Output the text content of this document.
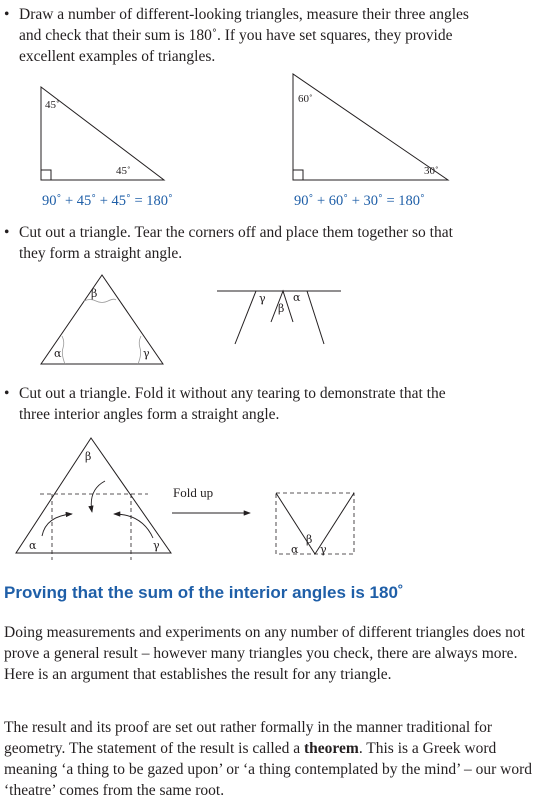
• Draw a number of different-looking triangles, measure their three angles
and check that their sum is 180˚. If you have set squares, they provide
excellent examples of triangles.
45˚
45˚
60˚
30˚
90˚ + 45˚ + 45˚ = 180˚	90˚ + 60˚ + 30˚ = 180˚
• Cut out a triangle. Tear the corners off and place them together so that
they form a straight angle.
β
α	γ
γ
β
α
• Cut out a triangle. Fold it without any tearing to demonstrate that the
three interior angles form a straight angle.
β
α	γ
Fold up
α
β
γ
Proving that the sum of the interior angles is 180˚

Doing measurements and experiments on any number of different triangles does not prove a general result – however many triangles you check, there are always more. Here is an argument that establishes the result for any triangle.

The result and its proof are set out rather formally in the manner traditional for geometry. The statement of the result is called a theorem. This is a Greek word meaning ‘a thing to be gazed upon’ or ‘a thing contemplated by the mind’ – our word ‘theatre’ comes from the same root.
